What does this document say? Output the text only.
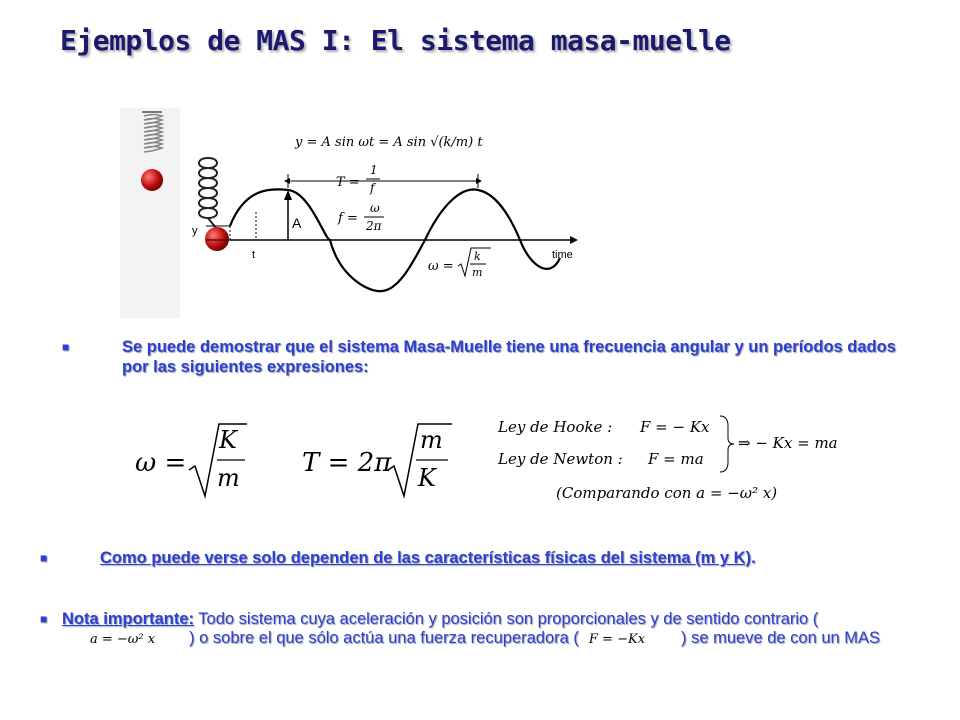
Ejemplos de MAS I: El sistema masa-muelle
y
t	time
A
y = A sin ωt = A sin √(k/m) t
T =
1
f
f =
ω
2π
ω =
k
m
■	Se puede demostrar que el sistema Masa-Muelle tiene una frecuencia angular y un períodos dados por las siguientes expresiones:
ω =
K
m T = 2π
m
K
Ley de Hooke : F = − Kx
Ley de Newton : F = ma
⇒ − Kx = ma
(Comparando con a = −ω² x)
■	Como puede verse solo dependen de las características físicas del sistema (m y K).
■ Nota importante: Todo sistema cuya aceleración y posición son proporcionales y de sentido contrario (a = −ω² x ) o sobre el que sólo actúa una fuerza recuperadora ( F = −Kx ) se mueve de con un MAS
